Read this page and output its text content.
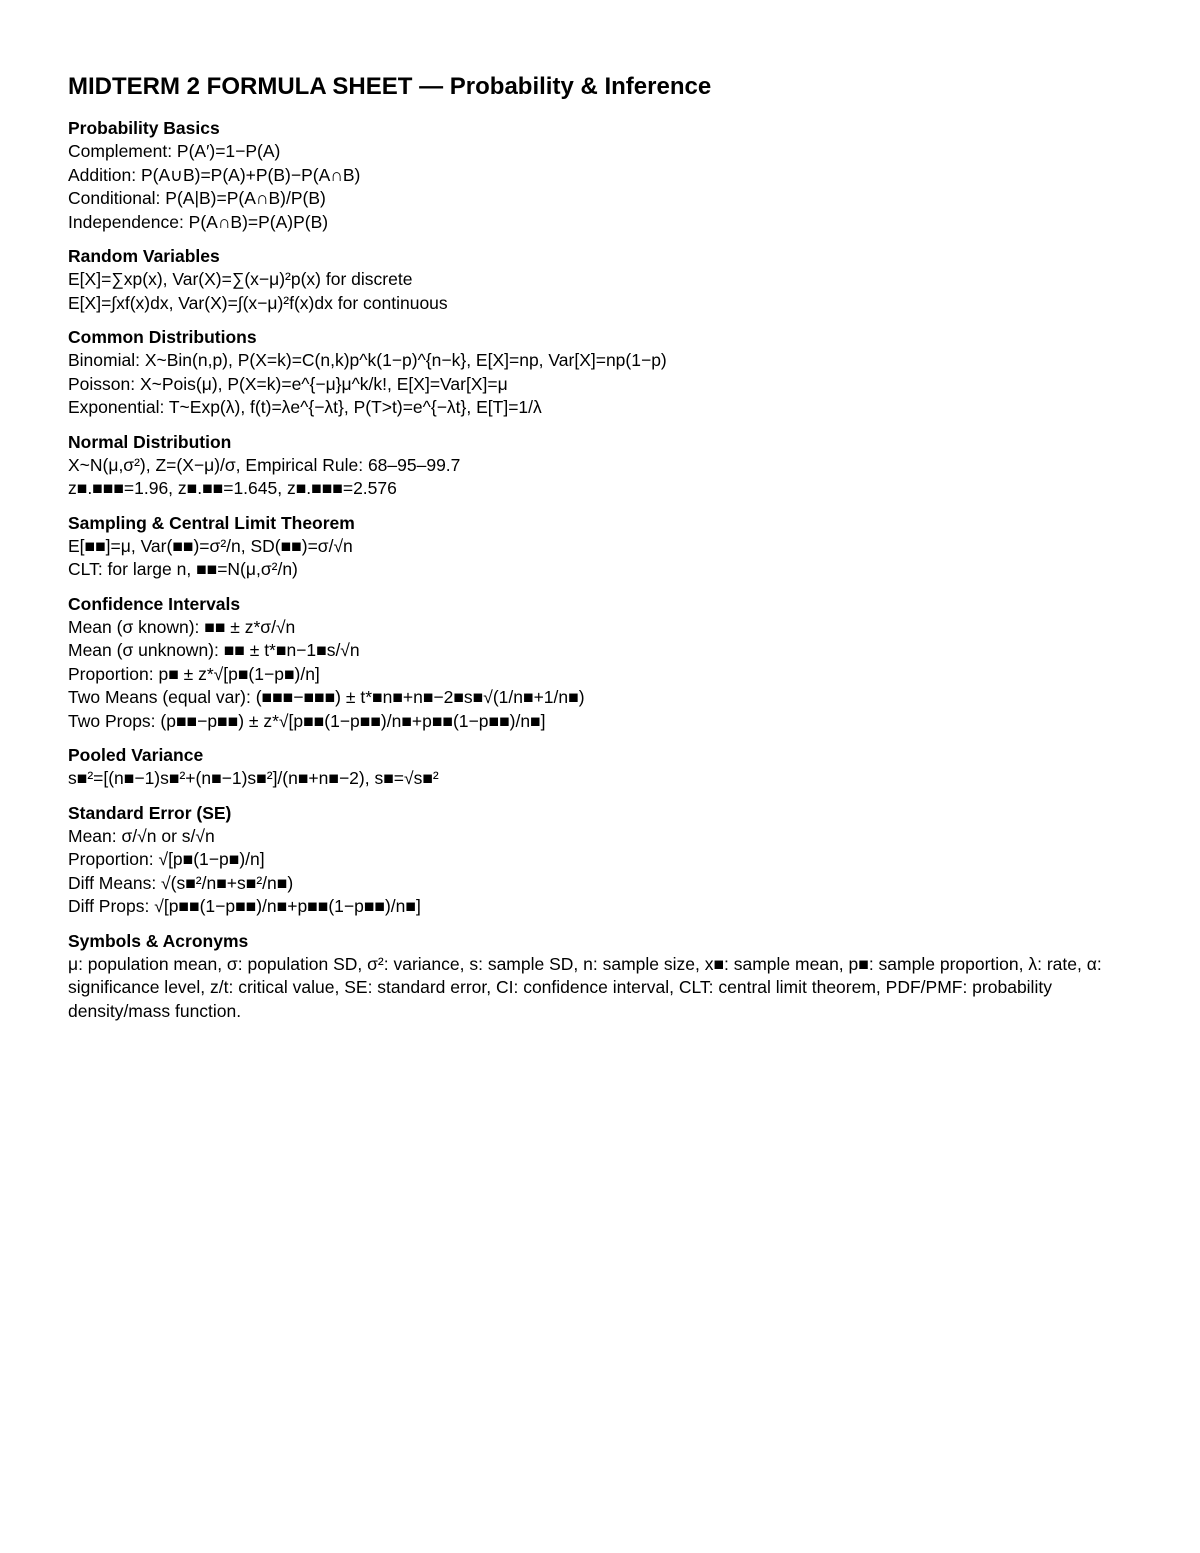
MIDTERM 2 FORMULA SHEET — Probability & Inference
Probability Basics
Complement: P(A′)=1−P(A)
Addition: P(A∪B)=P(A)+P(B)−P(A∩B)
Conditional: P(A|B)=P(A∩B)/P(B)
Independence: P(A∩B)=P(A)P(B)
Random Variables
E[X]=∑xp(x), Var(X)=∑(x−μ)²p(x) for discrete
E[X]=∫xf(x)dx, Var(X)=∫(x−μ)²f(x)dx for continuous
Common Distributions
Binomial: X~Bin(n,p), P(X=k)=C(n,k)p^k(1−p)^{n−k}, E[X]=np, Var[X]=np(1−p)
Poisson: X~Pois(μ), P(X=k)=e^{−μ}μ^k/k!, E[X]=Var[X]=μ
Exponential: T~Exp(λ), f(t)=λe^{−λt}, P(T>t)=e^{−λt}, E[T]=1/λ
Normal Distribution
X~N(μ,σ²), Z=(X−μ)/σ, Empirical Rule: 68–95–99.7
z■.■■■=1.96, z■.■■=1.645, z■.■■■=2.576
Sampling & Central Limit Theorem
E[■■]=μ, Var(■■)=σ²/n, SD(■■)=σ/√n
CLT: for large n, ■■=N(μ,σ²/n)
Confidence Intervals
Mean (σ known): ■■ ± z*σ/√n
Mean (σ unknown): ■■ ± t*■n−1■s/√n
Proportion: p■ ± z*√[p■(1−p■)/n]
Two Means (equal var): (■■■−■■■) ± t*■n■+n■−2■s■√(1/n■+1/n■)
Two Props: (p■■−p■■) ± z*√[p■■(1−p■■)/n■+p■■(1−p■■)/n■]
Pooled Variance
s■²=[(n■−1)s■²+(n■−1)s■²]/(n■+n■−2), s■=√s■²
Standard Error (SE)
Mean: σ/√n or s/√n
Proportion: √[p■(1−p■)/n]
Diff Means: √(s■²/n■+s■²/n■)
Diff Props: √[p■■(1−p■■)/n■+p■■(1−p■■)/n■]
Symbols & Acronyms
μ: population mean, σ: population SD, σ²: variance, s: sample SD, n: sample size, x■: sample mean, p■: sample proportion, λ: rate, α: significance level, z/t: critical value, SE: standard error, CI: confidence interval, CLT: central limit theorem, PDF/PMF: probability density/mass function.
